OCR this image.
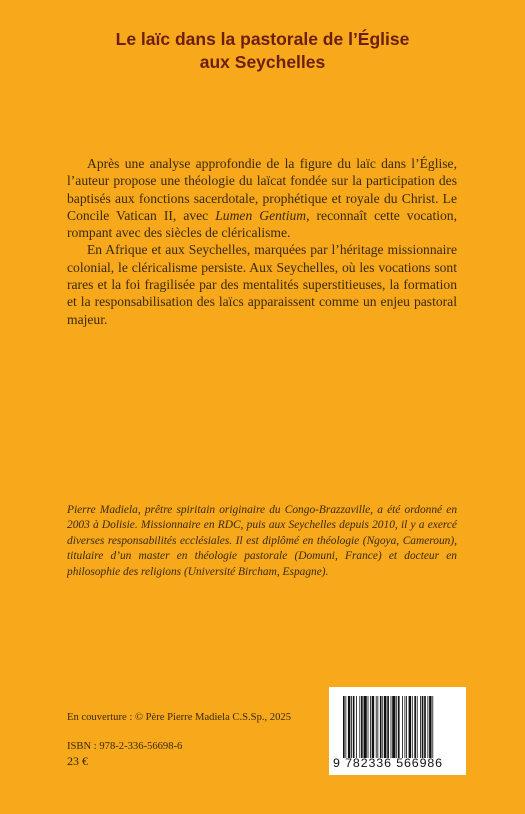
Le laïc dans la pastorale de l’Église
aux Seychelles

Après une analyse approfondie de la figure du laïc dans l’Église, l’auteur propose une théologie du laïcat fondée sur la participation des baptisés aux fonctions sacerdotale, prophétique et royale du Christ. Le Concile Vatican II, avec Lumen Gentium, reconnaît cette vocation, rompant avec des siècles de cléricalisme.

En Afrique et aux Seychelles, marquées par l’héritage missionnaire colonial, le cléricalisme persiste. Aux Seychelles, où les vocations sont rares et la foi fragilisée par des mentalités superstitieuses, la formation et la responsabilisation des laïcs apparaissent comme un enjeu pastoral majeur.

Pierre Madiela, prêtre spiritain originaire du Congo-Brazzaville, a été ordonné en 2003 à Dolisie. Missionnaire en RDC, puis aux Seychelles depuis 2010, il y a exercé diverses responsabilités ecclésiales. Il est diplômé en théologie (Ngoya, Cameroun), titulaire d’un master en théologie pastorale (Domuni, France) et docteur en philosophie des religions (Université Bircham, Espagne).
En couverture : © Père Pierre Madiela C.S.Sp., 2025
ISBN : 978-2-336-56698-6
23 €	9 782336 566986
